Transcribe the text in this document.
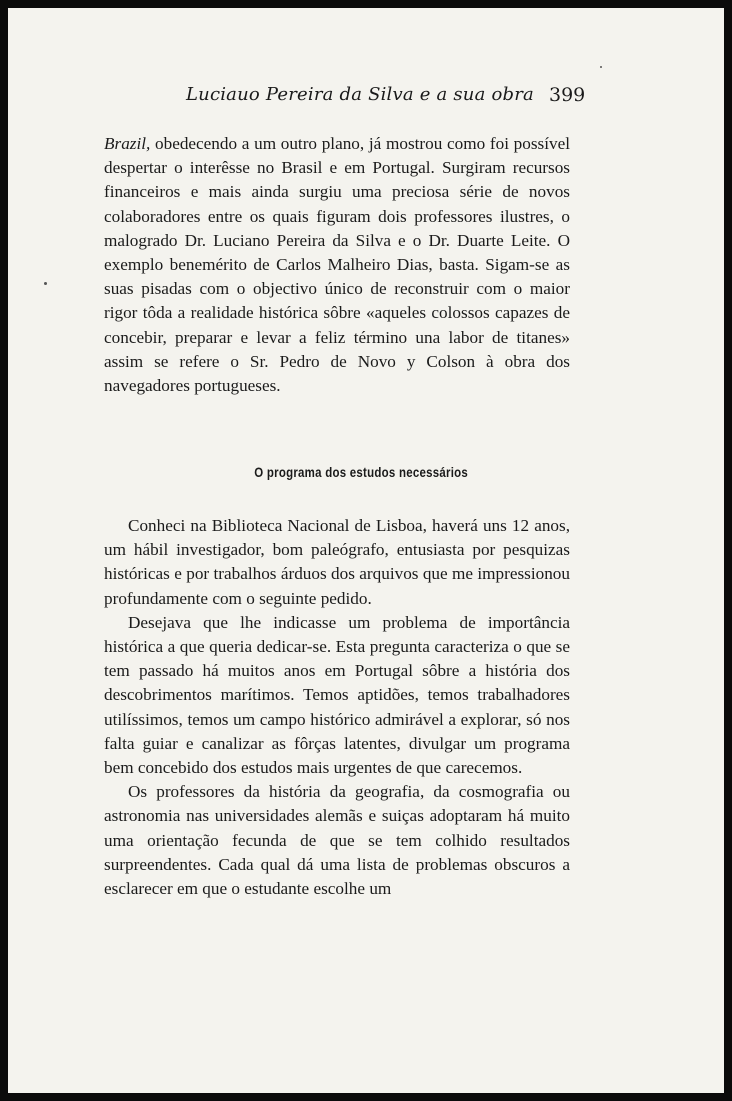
Luciauo Pereira da Silva e a sua obra 399

Brazil, obedecendo a um outro plano, já mostrou como foi possível despertar o interêsse no Brasil e em Portugal. Surgiram recursos financeiros e mais ainda surgiu uma preciosa série de novos colaboradores entre os quais figuram dois professores ilustres, o malogrado Dr. Luciano Pereira da Silva e o Dr. Duarte Leite. O exemplo benemérito de Carlos Malheiro Dias, basta. Sigam-se as suas pisadas com o objectivo único de reconstruir com o maior rigor tôda a realidade histórica sôbre «aqueles colossos capazes de concebir, preparar e levar a feliz término una labor de titanes» assim se refere o Sr. Pedro de Novo y Colson à obra dos navegadores portugueses.

O programa dos estudos necessários

Conheci na Biblioteca Nacional de Lisboa, haverá uns 12 anos, um hábil investigador, bom paleógrafo, entusiasta por pesquizas históricas e por trabalhos árduos dos arquivos que me impressionou profundamente com o seguinte pedido.

Desejava que lhe indicasse um problema de importância histórica a que queria dedicar-se. Esta pregunta caracteriza o que se tem passado há muitos anos em Portugal sôbre a história dos descobrimentos marítimos. Temos aptidões, temos trabalhadores utilíssimos, temos um campo histórico admirável a explorar, só nos falta guiar e canalizar as fôrças latentes, divulgar um programa bem concebido dos estudos mais urgentes de que carecemos.

Os professores da história da geografia, da cosmografia ou astronomia nas universidades alemãs e suiças adoptaram há muito uma orientação fecunda de que se tem colhido resultados surpreendentes. Cada qual dá uma lista de problemas obscuros a esclarecer em que o estudante escolhe um
